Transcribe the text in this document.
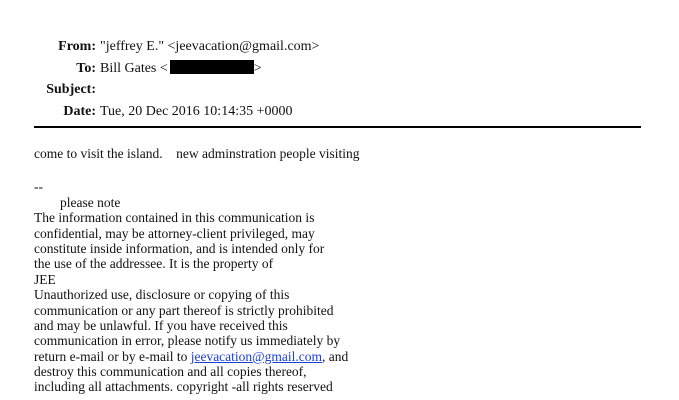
From: "jeffrey E." <jeevacation@gmail.com>
To: Bill Gates <	>
Subject:
Date: Tue, 20 Dec 2016 10:14:35 +0000
come to visit the island.    new adminstration people visiting
--
please note
The information contained in this communication is
confidential, may be attorney-client privileged, may
constitute inside information, and is intended only for
the use of the addressee. It is the property of
JEE
Unauthorized use, disclosure or copying of this
communication or any part thereof is strictly prohibited
and may be unlawful. If you have received this
communication in error, please notify us immediately by
return e-mail or by e-mail to jeevacation@gmail.com, and
destroy this communication and all copies thereof,
including all attachments. copyright -all rights reserved
